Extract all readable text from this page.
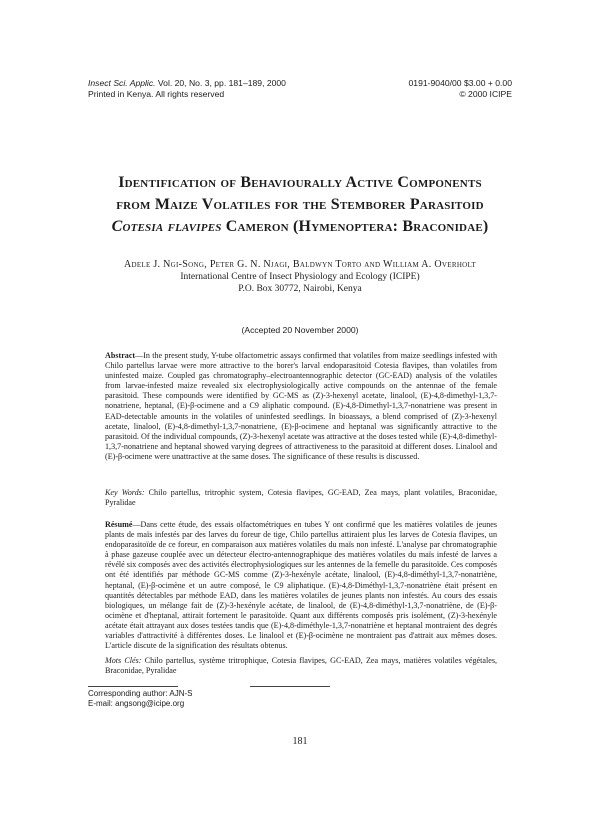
Insect Sci. Applic. Vol. 20, No. 3, pp. 181–189, 2000
Printed in Kenya. All rights reserved
0191-9040/00 $3.00 + 0.00
© 2000 ICIPE
Identification of Behaviourally Active Components
from Maize Volatiles for the Stemborer Parasitoid
Cotesia flavipes Cameron (Hymenoptera: Braconidae)
Adele J. Ngi-Song, Peter G. N. Njagi, Baldwyn Torto and William A. Overholt
International Centre of Insect Physiology and Ecology (ICIPE)
P.O. Box 30772, Nairobi, Kenya
(Accepted 20 November 2000)
Abstract—In the present study, Y-tube olfactometric assays confirmed that volatiles from maize seedlings infested with Chilo partellus larvae were more attractive to the borer's larval endoparasitoid Cotesia flavipes, than volatiles from uninfested maize. Coupled gas chromatography–electroantennographic detector (GC-EAD) analysis of the volatiles from larvae-infested maize revealed six electrophysiologically active compounds on the antennae of the female parasitoid. These compounds were identified by GC-MS as (Z)-3-hexenyl acetate, linalool, (E)-4,8-dimethyl-1,3,7-nonatriene, heptanal, (E)-β-ocimene and a C9 aliphatic compound. (E)-4,8-Dimethyl-1,3,7-nonatriene was present in EAD-detectable amounts in the volatiles of uninfested seedlings. In bioassays, a blend comprised of (Z)-3-hexenyl acetate, linalool, (E)-4,8-dimethyl-1,3,7-nonatriene, (E)-β-ocimene and heptanal was significantly attractive to the parasitoid. Of the individual compounds, (Z)-3-hexenyl acetate was attractive at the doses tested while (E)-4,8-dimethyl-1,3,7-nonatriene and heptanal showed varying degrees of attractiveness to the parasitoid at different doses. Linalool and (E)-β-ocimene were unattractive at the same doses. The significance of these results is discussed.
Key Words: Chilo partellus, tritrophic system, Cotesia flavipes, GC-EAD, Zea mays, plant volatiles, Braconidae, Pyralidae
Résumé—Dans cette étude, des essais olfactométriques en tubes Y ont confirmé que les matières volatiles de jeunes plants de maïs infestés par des larves du foreur de tige, Chilo partellus attiraient plus les larves de Cotesia flavipes, un endoparasitoïde de ce foreur, en comparaison aux matières volatiles du maïs non infesté. L'analyse par chromatographie à phase gazeuse couplée avec un détecteur électro-antennographique des matières volatiles du maïs infesté de larves a révélé six composés avec des activités électrophysiologiques sur les antennes de la femelle du parasitoïde. Ces composés ont été identifiés par méthode GC-MS comme (Z)-3-hexényle acétate, linalool, (E)-4,8-diméthyl-1,3,7-nonatriène, heptanal, (E)-β-ocimène et un autre composé, le C9 aliphatique. (E)-4,8-Diméthyl-1,3,7-nonatriène était présent en quantités détectables par méthode EAD, dans les matières volatiles de jeunes plants non infestés. Au cours des essais biologiques, un mélange fait de (Z)-3-hexényle acétate, de linalool, de (E)-4,8-diméthyl-1,3,7-nonatriène, de (E)-β-ocimène et d'heptanal, attirait fortement le parasitoïde. Quant aux différents composés pris isolément, (Z)-3-hexényle acétate était attrayant aux doses testées tandis que (E)-4,8-diméthyle-1,3,7-nonatriène et heptanal montraient des degrés variables d'attractivité à différentes doses. Le linalool et (E)-β-ocimène ne montraient pas d'attrait aux mêmes doses. L'article discute de la signification des résultats obtenus.
Mots Clés: Chilo partellus, système tritrophique, Cotesia flavipes, GC-EAD, Zea mays, matières volatiles végétales, Braconidae, Pyralidae
Corresponding author: AJN-S
E-mail: angsong@icipe.org
181
